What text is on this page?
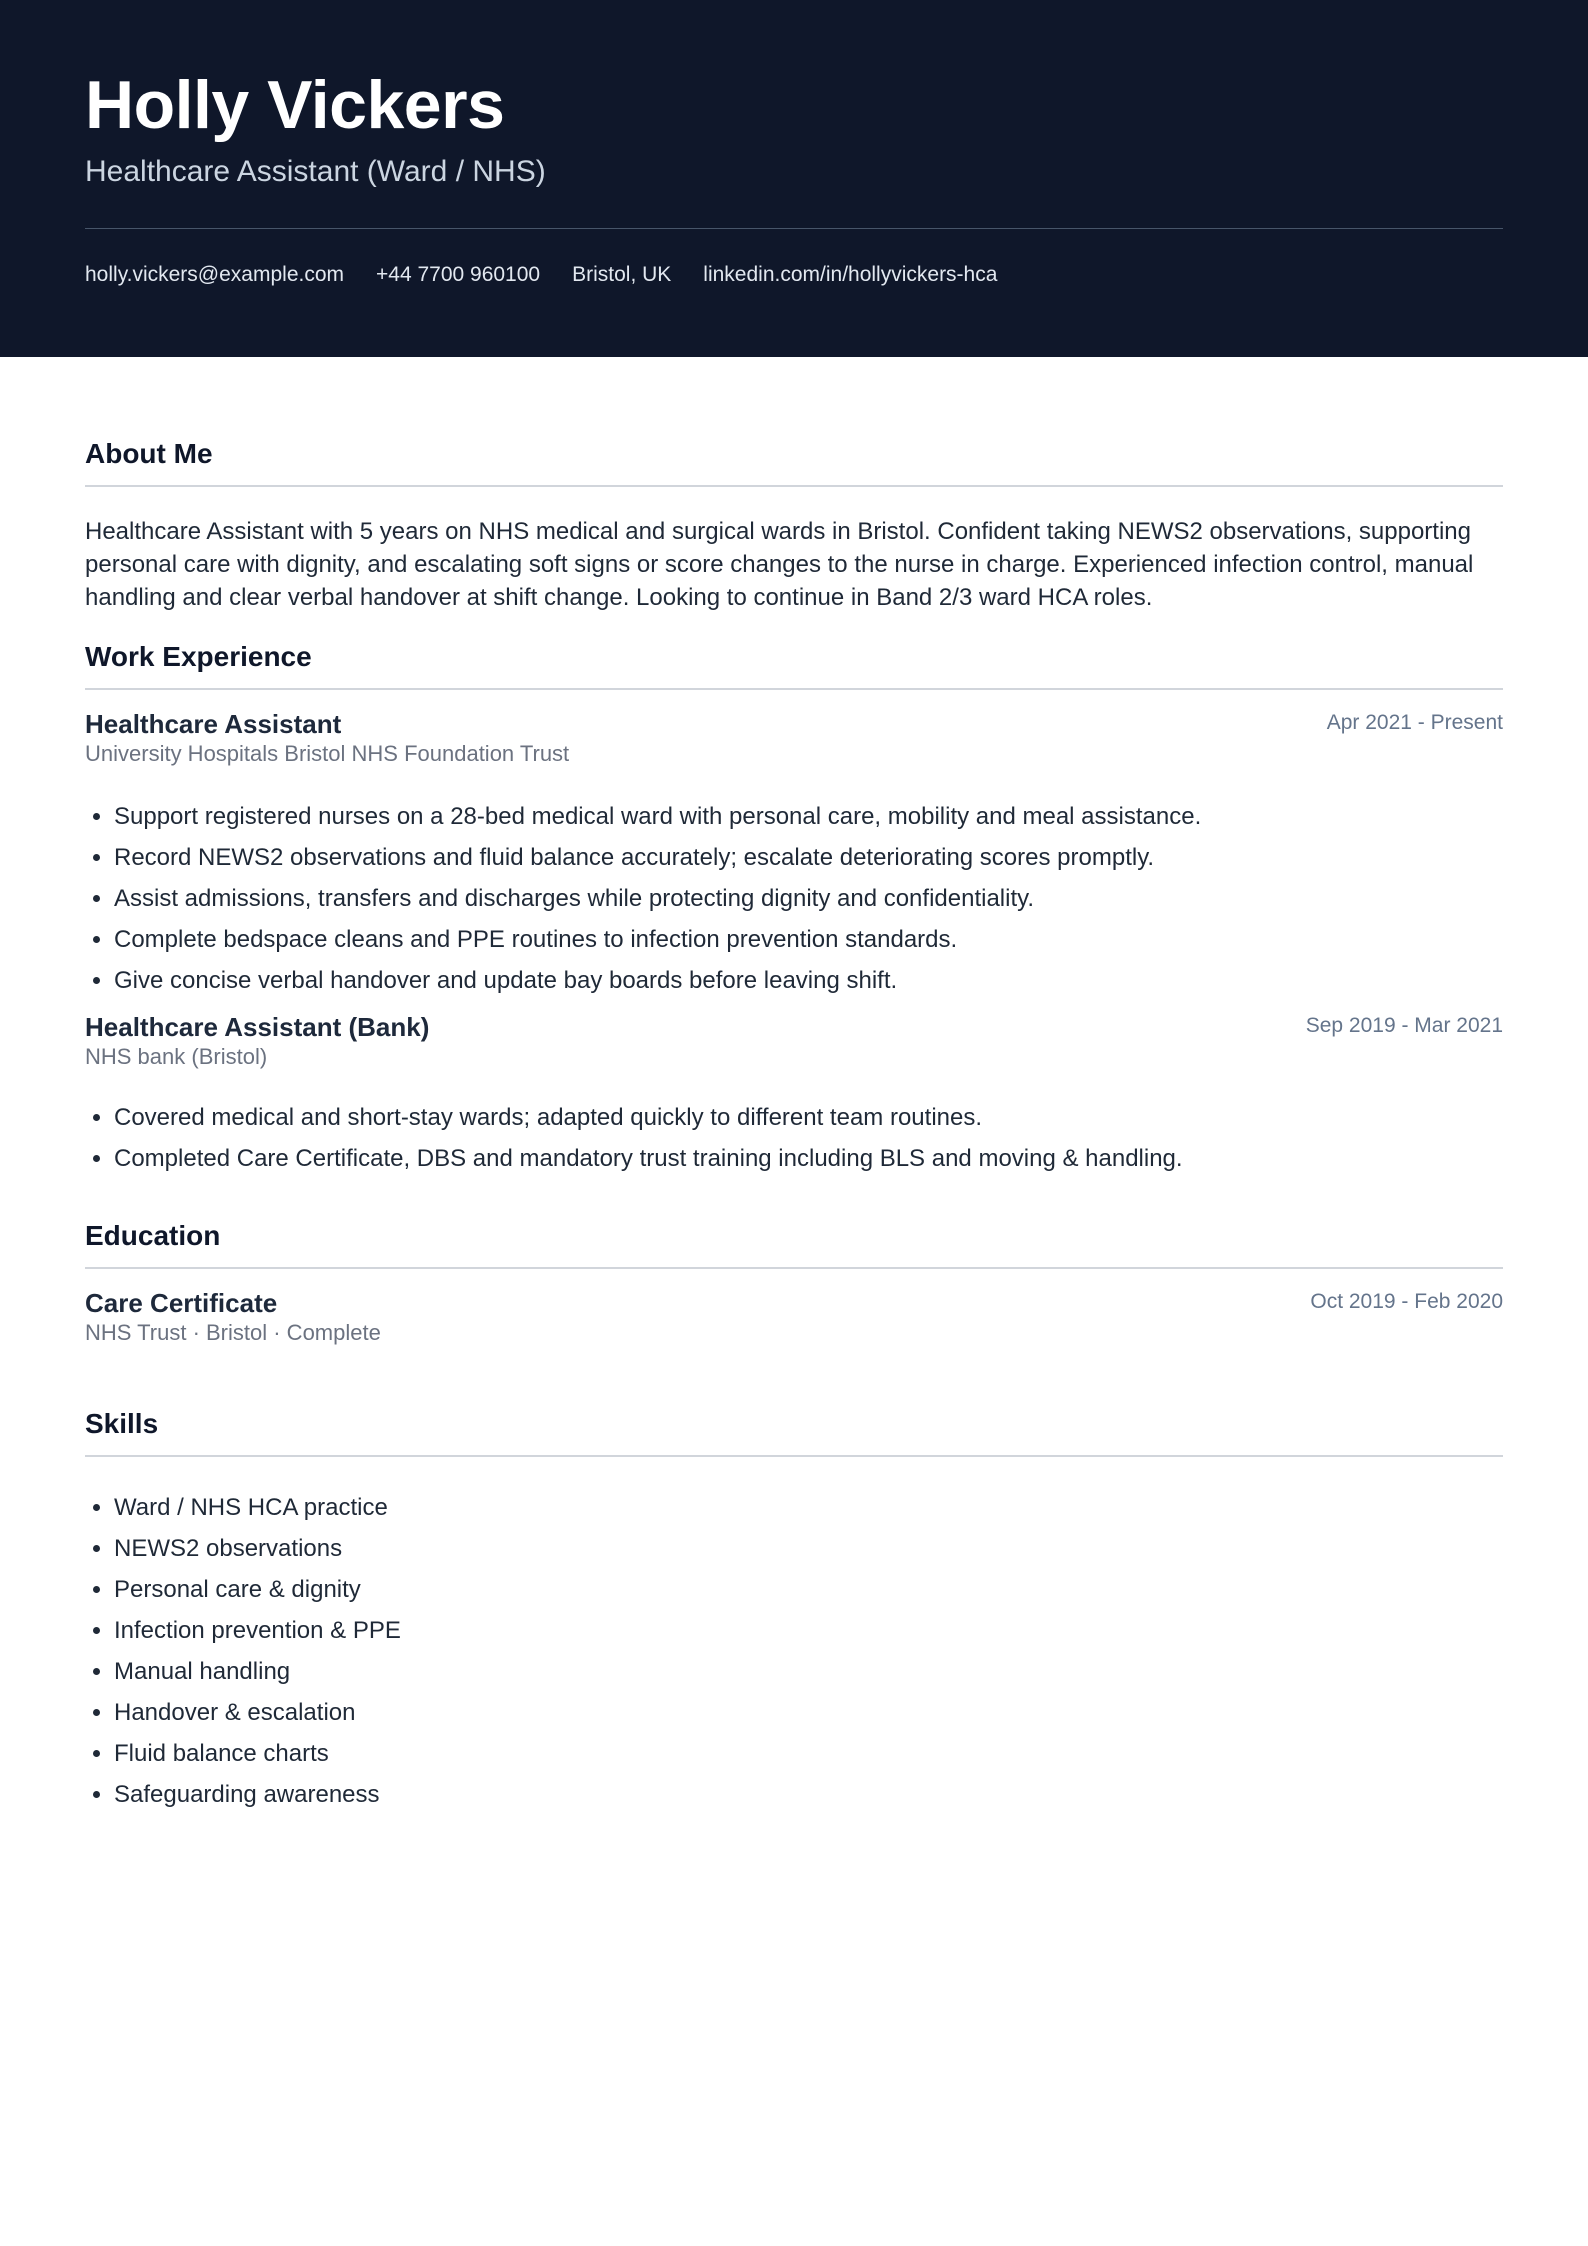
Holly Vickers
Healthcare Assistant (Ward / NHS)
holly.vickers@example.com +44 7700 960100 Bristol, UK linkedin.com/in/hollyvickers-hca
About Me

Healthcare Assistant with 5 years on NHS medical and surgical wards in Bristol. Confident taking NEWS2 observations, supporting personal care with dignity, and escalating soft signs or score changes to the nurse in charge. Experienced infection control, manual handling and clear verbal handover at shift change. Looking to continue in Band 2/3 ward HCA roles.

Work Experience
Healthcare Assistant	Apr 2021 - Present
University Hospitals Bristol NHS Foundation Trust
• Support registered nurses on a 28-bed medical ward with personal care, mobility and meal assistance.
• Record NEWS2 observations and fluid balance accurately; escalate deteriorating scores promptly.
• Assist admissions, transfers and discharges while protecting dignity and confidentiality.
• Complete bedspace cleans and PPE routines to infection prevention standards.
• Give concise verbal handover and update bay boards before leaving shift.
Healthcare Assistant (Bank)	Sep 2019 - Mar 2021
NHS bank (Bristol)
• Covered medical and short-stay wards; adapted quickly to different team routines.
• Completed Care Certificate, DBS and mandatory trust training including BLS and moving & handling.
Education
Care Certificate	Oct 2019 - Feb 2020
NHS Trust · Bristol · Complete
Skills
• Ward / NHS HCA practice
• NEWS2 observations
• Personal care & dignity
• Infection prevention & PPE
• Manual handling
• Handover & escalation
• Fluid balance charts
• Safeguarding awareness
